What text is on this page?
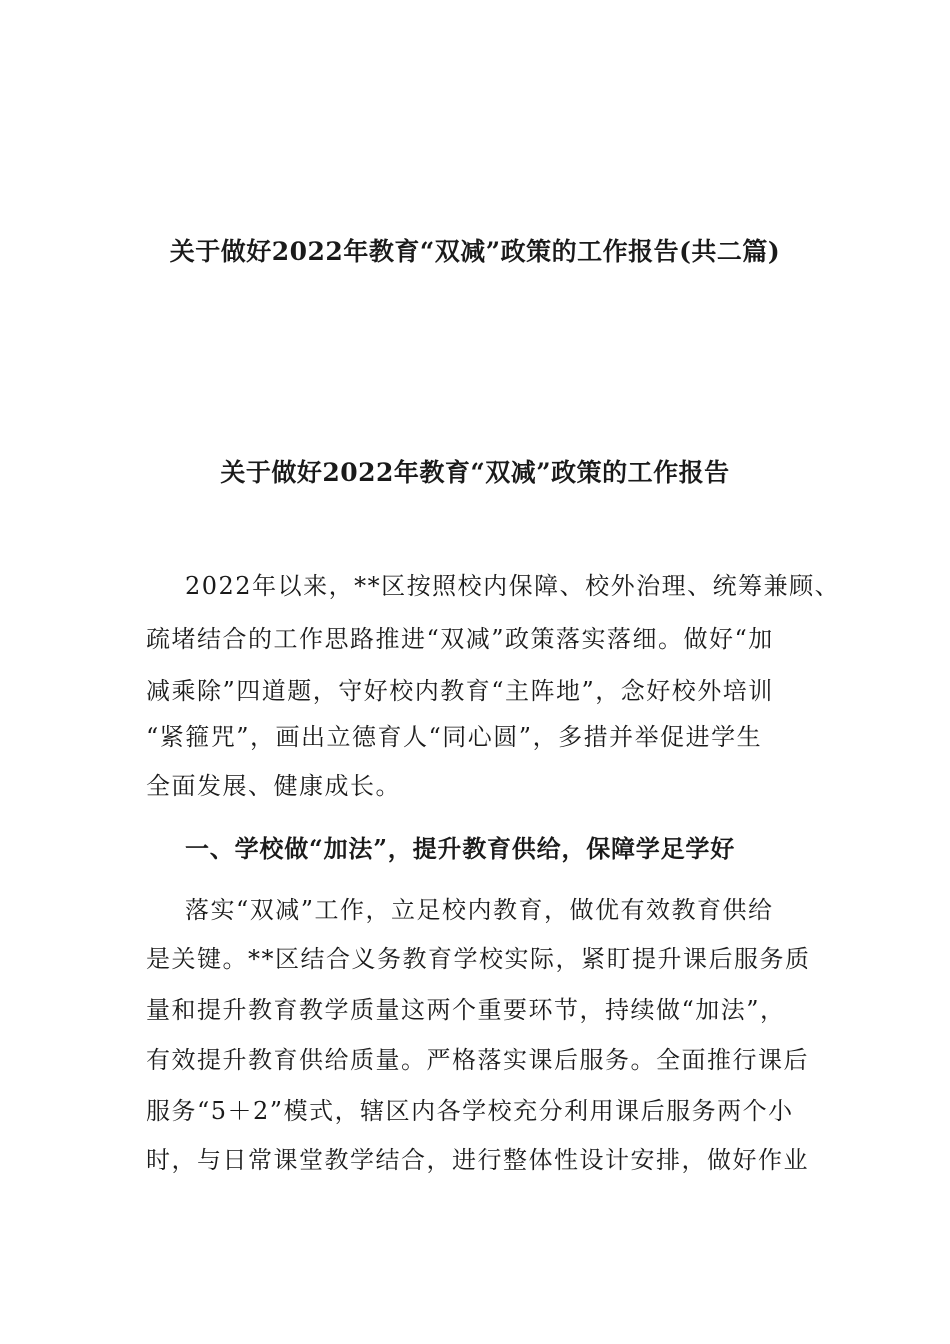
关于做好2022年教育“双减”政策的工作报告(共二篇)
关于做好2022年教育“双减”政策的工作报告
2022年以来，**区按照校内保障、校外治理、统筹兼顾、
疏堵结合的工作思路推进“双减”政策落实落细。做好“加
减乘除”四道题，守好校内教育“主阵地”，念好校外培训
“紧箍咒”，画出立德育人“同心圆”，多措并举促进学生
全面发展、健康成长。
一、学校做“加法”，提升教育供给，保障学足学好
落实“双减”工作，立足校内教育，做优有效教育供给
是关键。**区结合义务教育学校实际，紧盯提升课后服务质
量和提升教育教学质量这两个重要环节，持续做“加法”，
有效提升教育供给质量。严格落实课后服务。全面推行课后
服务“5＋2”模式，辖区内各学校充分利用课后服务两个小
时，与日常课堂教学结合，进行整体性设计安排，做好作业
